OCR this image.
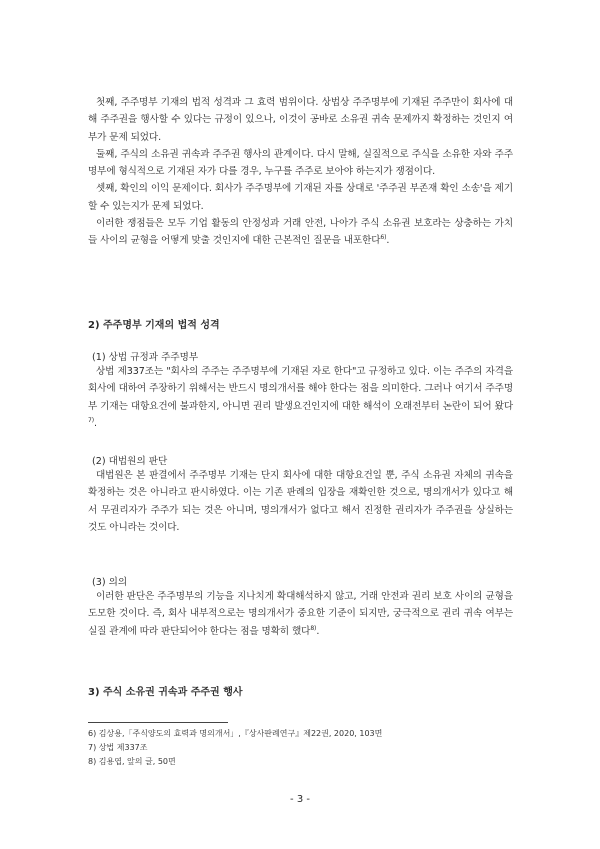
첫째, 주주명부 기재의 법적 성격과 그 효력 범위이다. 상법상 주주명부에 기재된 주주만이 회사에 대해 주주권을 행사할 수 있다는 규정이 있으나, 이것이 공바로 소유권 귀속 문제까지 확정하는 것인지 여부가 문제 되었다.

둘째, 주식의 소유권 귀속과 주주권 행사의 관계이다. 다시 말해, 실질적으로 주식을 소유한 자와 주주명부에 형식적으로 기재된 자가 다를 경우, 누구를 주주로 보아야 하는지가 쟁점이다.

셋째, 확인의 이익 문제이다. 회사가 주주명부에 기재된 자를 상대로 '주주권 부존재 확인 소송'을 제기할 수 있는지가 문제 되었다.

이러한 쟁점들은 모두 기업 활동의 안정성과 거래 안전, 나아가 주식 소유권 보호라는 상충하는 가치들 사이의 균형을 어떻게 맞출 것인지에 대한 근본적인 질문을 내포한다$^{6)}$.

2) 주주명부 기재의 법적 성격

(1) 상법 규정과 주주명부

상법 제337조는 "회사의 주주는 주주명부에 기재된 자로 한다"고 규정하고 있다. 이는 주주의 자격을 회사에 대하여 주장하기 위해서는 반드시 명의개서를 해야 한다는 점을 의미한다. 그러나 여기서 주주명부 기재는 대항요건에 불과한지, 아니면 권리 발생요건인지에 대한 해석이 오래전부터 논란이 되어 왔다$^{7)}$.

(2) 대법원의 판단

대법원은 본 판결에서 주주명부 기재는 단지 회사에 대한 대항요건일 뿐, 주식 소유권 자체의 귀속을 확정하는 것은 아니라고 판시하였다. 이는 기존 판례의 입장을 재확인한 것으로, 명의개서가 있다고 해서 무권리자가 주주가 되는 것은 아니며, 명의개서가 없다고 해서 진정한 권리자가 주주권을 상실하는 것도 아니라는 것이다.

(3) 의의

이러한 판단은 주주명부의 기능을 지나치게 확대해석하지 않고, 거래 안전과 권리 보호 사이의 균형을 도모한 것이다. 즉, 회사 내부적으로는 명의개서가 중요한 기준이 되지만, 궁극적으로 권리 귀속 여부는 실질 관계에 따라 판단되어야 한다는 점을 명확히 했다$^{8)}$.

3) 주식 소유권 귀속과 주주권 행사

6) 김상용,「주식양도의 효력과 명의개서」,『상사판례연구』제22권, 2020, 103면

7) 상법 제337조

8) 김용엽, 앞의 글, 50면

- 3 -
